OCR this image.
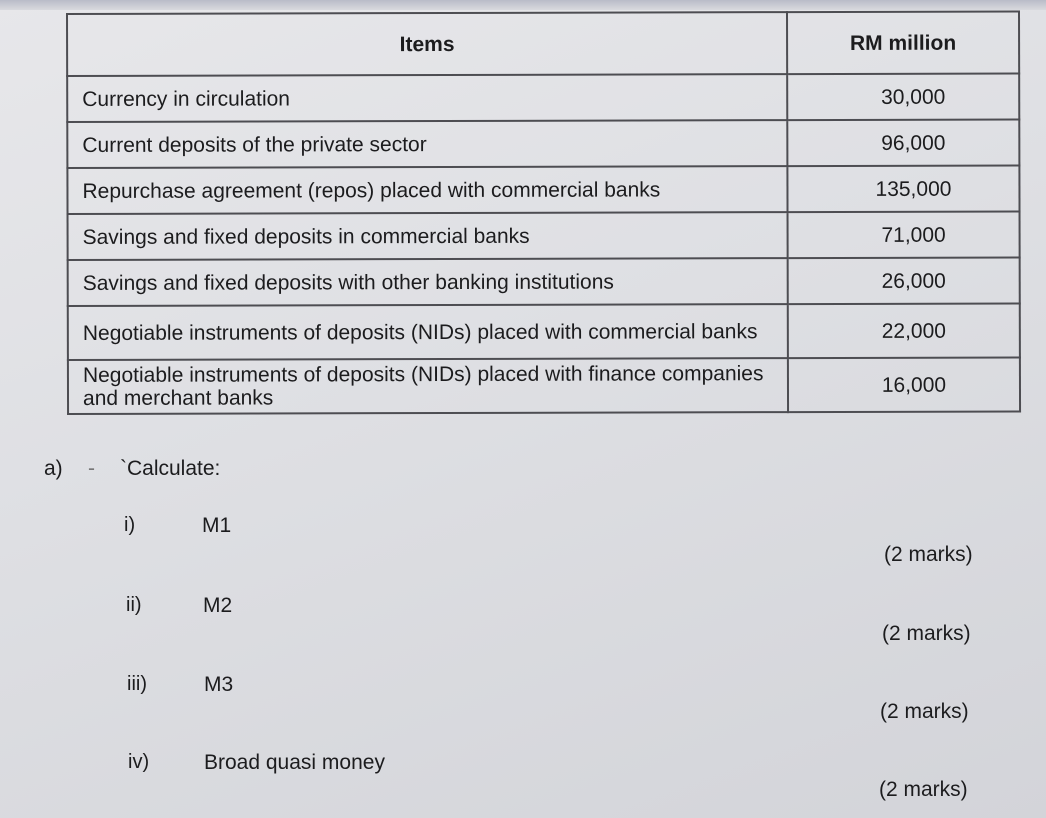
Items	RM million
Currency in circulation	30,000
Current deposits of the private sector	96,000
Repurchase agreement (repos) placed with commercial banks	135,000
Savings and fixed deposits in commercial banks	71,000
Savings and fixed deposits with other banking institutions	26,000
Negotiable instruments of deposits (NIDs) placed with commercial banks	22,000
Negotiable instruments of deposits (NIDs) placed with finance companies and merchant banks	16,000
a) - `Calculate:
i)	M1
(2 marks)
ii)	M2
(2 marks)
iii)	M3
(2 marks)
iv)	Broad quasi money
(2 marks)
